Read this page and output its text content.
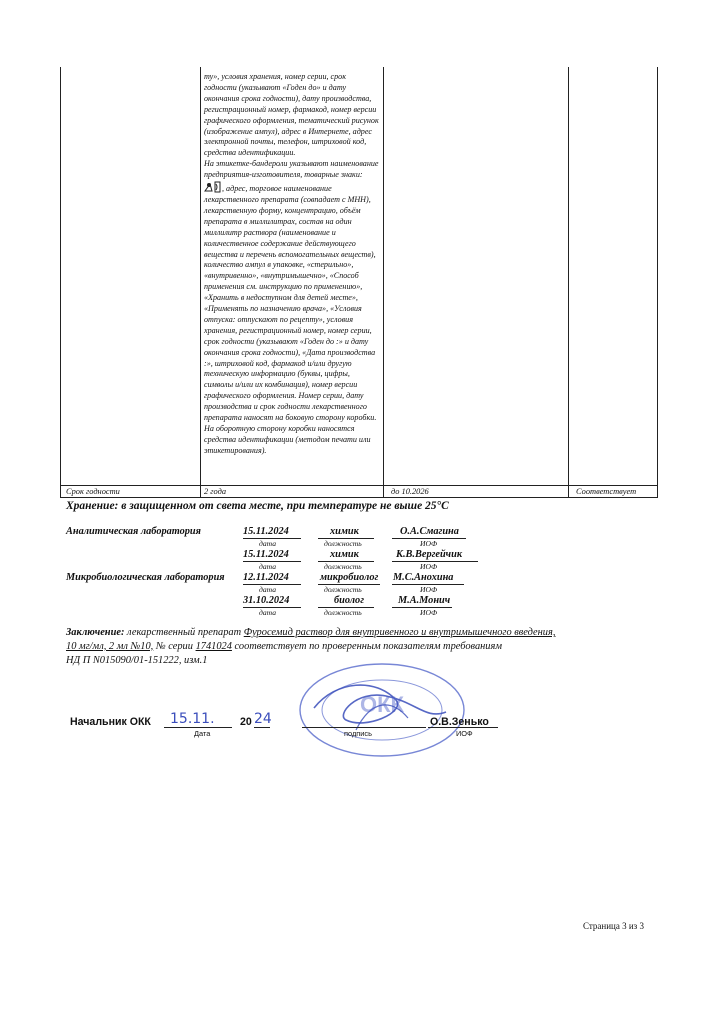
ту», условия хранения, номер серии, срок годности (указывают «Годен до» и дату окончания срока годности), дату производства, регистрационный номер, фармакод, номер версии графического оформления, тематический рисунок (изображение ампул), адрес в Интернете, адрес электронной почты, телефон, штриховой код, средства идентификации.

На этикетке-бандероли указывают наименование предприятия-изготовителя, товарные знаки:
, адрес, торговое наименование лекарственного препарата (совпадает с МНН), лекарственную форму, концентрацию, объём препарата в миллилитрах, состав на один миллилитр раствора (наименование и количественное содержание действующего вещества и перечень вспомогательных веществ), количество ампул в упаковке, «стерильно», «внутривенно», «внутримышечно», «Способ применения см. инструкцию по применению», «Хранить в недоступном для детей месте», «Применять по назначению врача», «Условия отпуска: отпускают по рецепту», условия хранения, регистрационный номер, номер серии, срок годности (указывают «Годен до :» и дату окончания срока годности), «Дата производства :», штриховой код, фармакод и/или другую техническую информацию (буквы, цифры, символы и/или их комбинация), номер версии графического оформления. Номер серии, дату производства и срок годности лекарственного препарата наносят на боковую сторону коробки. На оборотную сторону коробки наносятся средства идентификации (методом печати или этикетирования).

Срок годности	2 года	до 10.2026	Соответствует
Хранение: в защищенном от света месте, при температуре не выше 25°С
Аналитическая лаборатория	15.11.2024	химик	О.А.Смагина
дата	должность	ИОФ
15.11.2024	химик	К.В.Вергейчик
дата	должность	ИОФ
Микробиологическая лаборатория 12.11.2024	микробиолог М.С.Анохина
дата	должность	ИОФ
31.10.2024	биолог	М.А.Монич
дата	должность	ИОФ
Заключение: лекарственный препарат Фуросемид раствор для внутривенного и внутримышечного введения,
10 мг/мл, 2 мл №10, № серии 1741024 соответствует по проверенным показателям требованиям
НД П N015090/01-151222, изм.1
ОКК
Начальник ОКК 15.11.
Дата
20 24
подпись
О.В.Зенько
ИОФ
Страница 3 из 3
